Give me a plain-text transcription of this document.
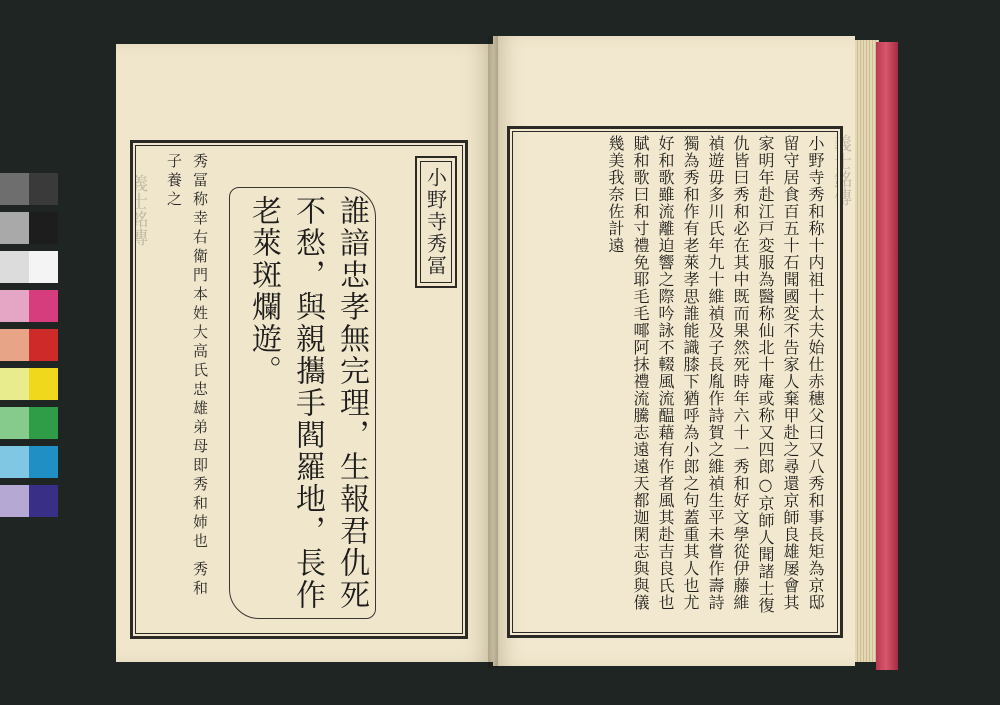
義士銘傳	小野寺秀冨
誰諳忠孝無完理，生報君仇死不愁，與親攜手閻羅地，長作老萊斑爛遊。
秀冨称幸右衛門本姓大高氏忠雄弟母即秀和姉也 秀和子養之	義士銘傳
小野寺秀和称十内祖十太夫始仕赤穗父曰又八秀和事長矩為京邸留守居食百五十石聞國変不告家人棄甲赴之尋還京師良雄屡會其家明年赴江戸変服為醫称仙北十庵或称又四郎○京師人聞諸士復仇皆曰秀和必在其中既而果然死時年六十一秀和好文學從伊藤維禎遊毋多川氏年九十維禎及子長胤作詩賀之維禎生平未嘗作壽詩獨為秀和作有老萊孝思誰能識膝下猶呼為小郎之句蓋重其人也尤好和歌雖流離迫響之際吟詠不輟風流醖藉有作者風其赴吉良氏也賦和歌曰和寸禮免耶毛毛㖿阿抹禮流騰志遠遠天都迦閑志與與儀幾美我奈佐計遠
